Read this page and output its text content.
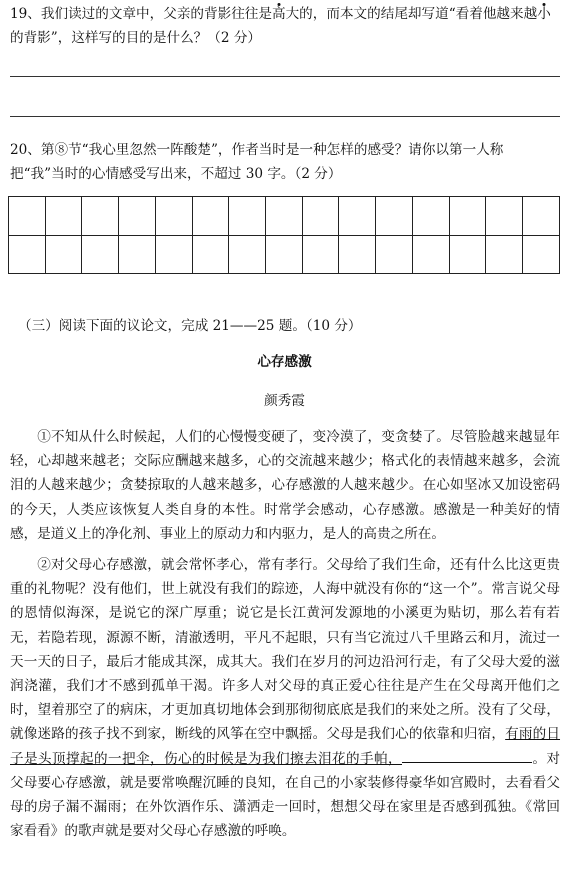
19、我们读过的文章中，父亲的背影往往是高大的，而本文的结尾却写道“看着他越来越小的背影”，这样写的目的是什么？（2 分）
20、第⑧节“我心里忽然一阵酸楚”，作者当时是一种怎样的感受？请你以第一人称把“我”当时的心情感受写出来，不超过 30 字。（2 分）

（三）阅读下面的议论文，完成 21——25 题。（10 分）
心存感激
颜秀霞
①不知从什么时候起，人们的心慢慢变硬了，变冷漠了，变贪婪了。尽管脸越来越显年轻，心却越来越老；交际应酬越来越多，心的交流越来越少；格式化的表情越来越多，会流泪的人越来越少；贪婪掠取的人越来越多，心存感激的人越来越少。在心如坚冰又加设密码的今天，人类应该恢复人类自身的本性。时常学会感动，心存感激。感激是一种美好的情感，是道义上的净化剂、事业上的原动力和内驱力，是人的高贵之所在。
②对父母心存感激，就会常怀孝心，常有孝行。父母给了我们生命，还有什么比这更贵重的礼物呢？没有他们，世上就没有我们的踪迹，人海中就没有你的“这一个”。常言说父母的恩情似海深，是说它的深广厚重；说它是长江黄河发源地的小溪更为贴切，那么若有若无，若隐若现，源源不断，清澈透明，平凡不起眼，只有当它流过八千里路云和月，流过一天一天的日子，最后才能成其深，成其大。我们在岁月的河边沿河行走，有了父母大爱的滋润浇灌，我们才不感到孤单干渴。许多人对父母的真正爱心往往是产生在父母离开他们之时，望着那空了的病床，才更加真切地体会到那彻彻底底是我们的来处之所。没有了父母，就像迷路的孩子找不到家，断线的风筝在空中飘摇。父母是我们心的依靠和归宿，有雨的日子是头顶撑起的一把伞，伤心的时候是为我们擦去泪花的手帕，	。对父母要心存感激，就是要常唤醒沉睡的良知，在自己的小家装修得豪华如宫殿时，去看看父母的房子漏不漏雨；在外饮酒作乐、潇洒走一回时，想想父母在家里是否感到孤独。《常回家看看》的歌声就是要对父母心存感激的呼唤。
